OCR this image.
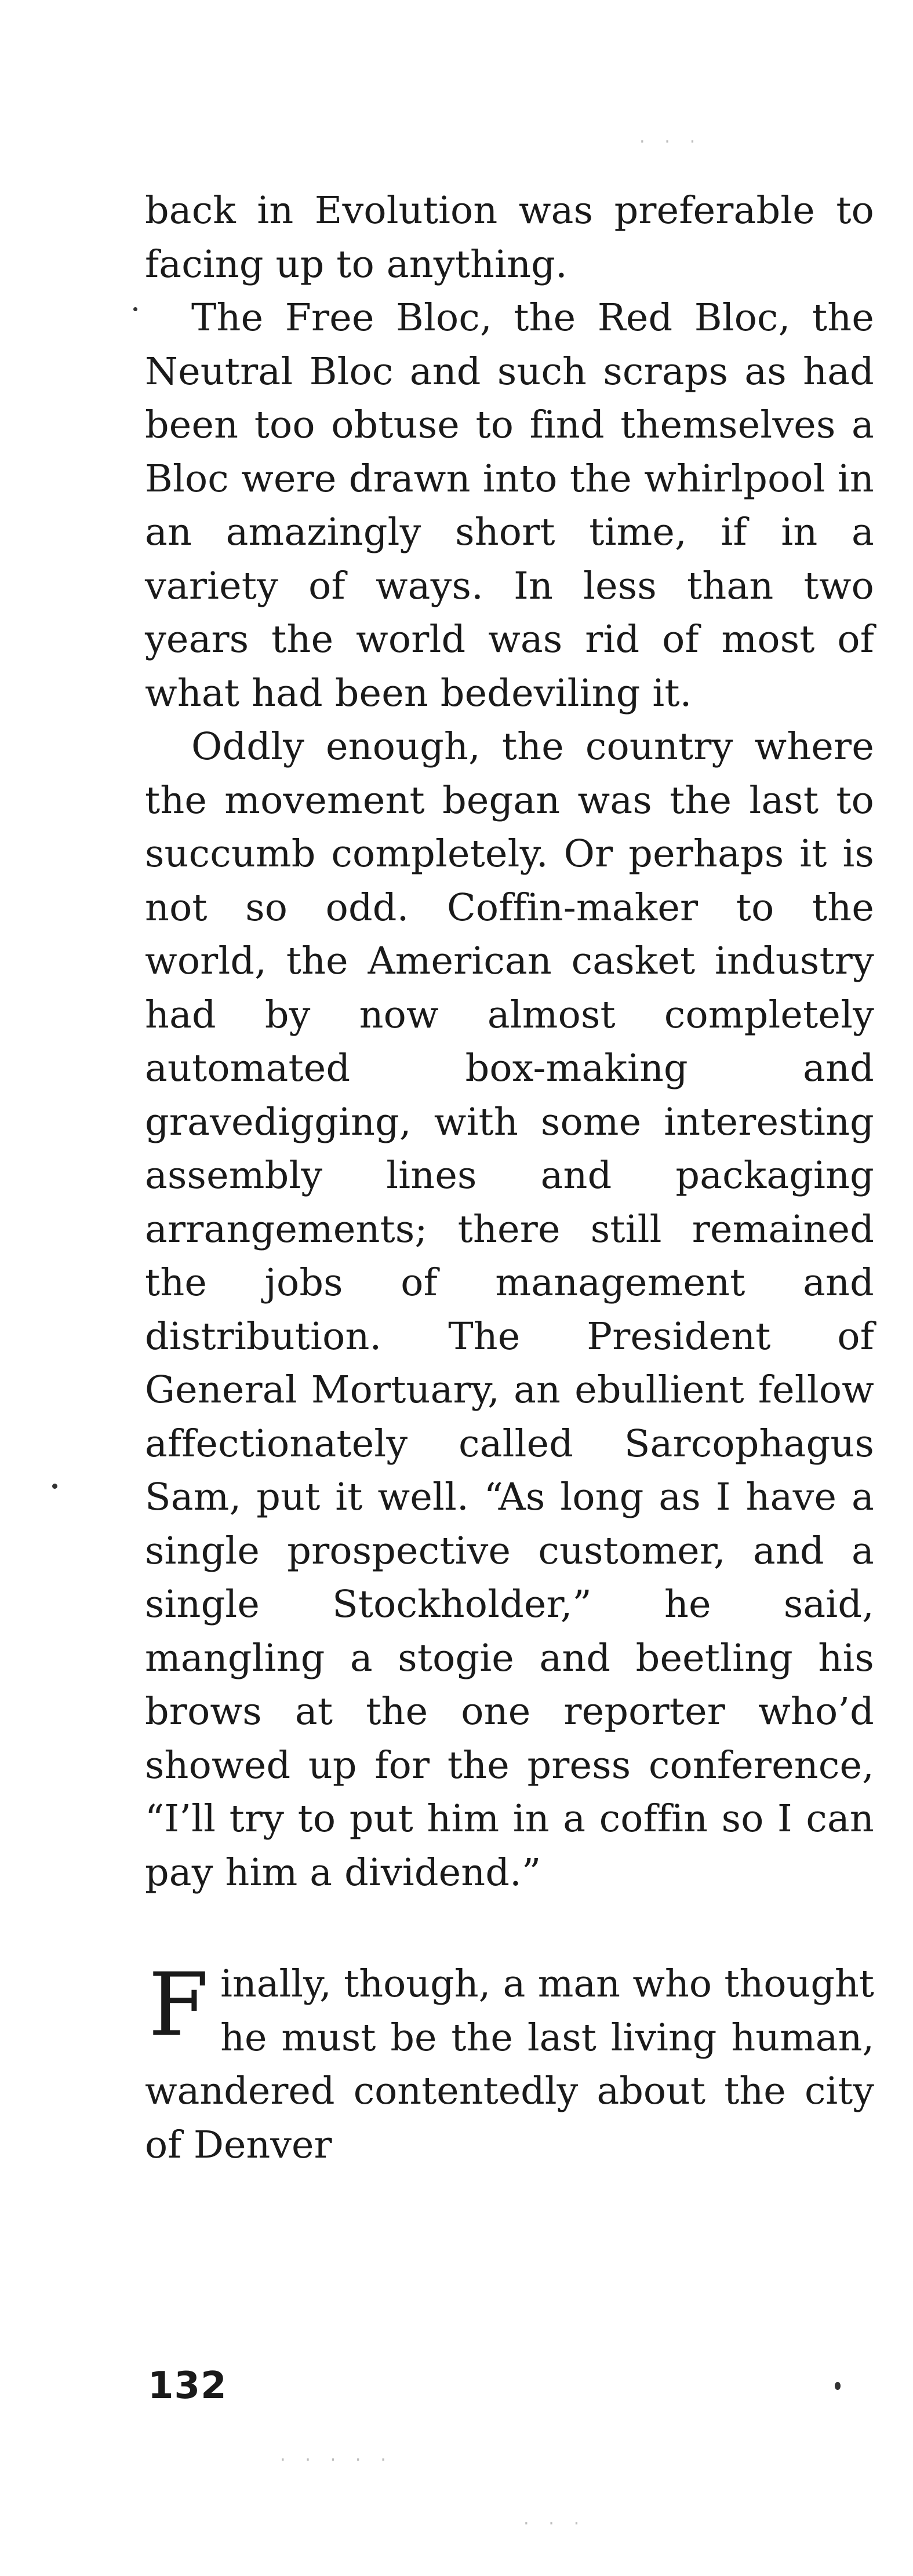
back in Evolution was preferable to facing up to anything.

The Free Bloc, the Red Bloc, the Neutral Bloc and such scraps as had been too obtuse to find themselves a Bloc were drawn into the whirlpool in an amazingly short time, if in a variety of ways. In less than two years the world was rid of most of what had been bedeviling it.

Oddly enough, the country where the movement began was the last to succumb completely. Or perhaps it is not so odd. Coffin-maker to the world, the American casket industry had by now almost completely automated box-making and gravedigging, with some interesting assembly lines and packaging arrangements; there still remained the jobs of management and distribution. The President of General Mortuary, an ebullient fellow affectionately called Sarcophagus Sam, put it well. “As long as I have a single prospective customer, and a single Stockholder,” he said, mangling a stogie and beetling his brows at the one reporter who’d showed up for the press conference, “I’ll try to put him in a coffin so I can pay him a dividend.”

Finally, though, a man who thought he must be the last living human, wandered contentedly about the city of Denver

132
· · ·
· · · · ·
· · ·
